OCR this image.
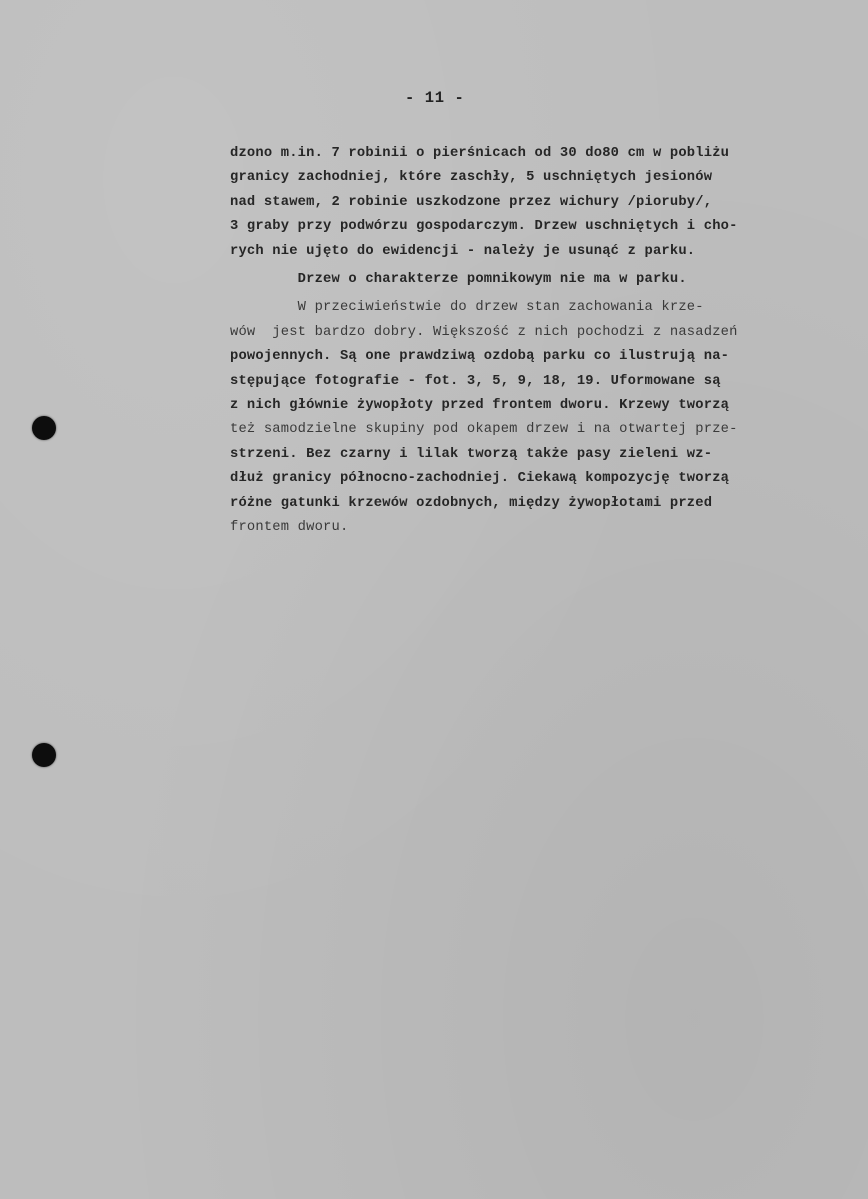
- 11 -
dzono m.in. 7 robinii o pierśnicach od 30 do80 cm w pobliżu
granicy zachodniej, które zaschły, 5 uschniętych jesionów
nad stawem, 2 robinie uszkodzone przez wichury /pioruby/,
3 graby przy podwórzu gospodarczym. Drzew uschniętych i cho-
rych nie ujęto do ewidencji - należy je usunąć z parku.
Drzew o charakterze pomnikowym nie ma w parku.
W przeciwieństwie do drzew stan zachowania krze-
wów  jest bardzo dobry. Większość z nich pochodzi z nasadzeń
powojennych. Są one prawdziwą ozdobą parku co ilustrują na-
stępujące fotografie - fot. 3, 5, 9, 18, 19. Uformowane są
z nich głównie żywopłoty przed frontem dworu. Krzewy tworzą
też samodzielne skupiny pod okapem drzew i na otwartej prze-
strzeni. Bez czarny i lilak tworzą także pasy zieleni wz-
dłuż granicy północno-zachodniej. Ciekawą kompozycję tworzą
różne gatunki krzewów ozdobnych, między żywopłotami przed
frontem dworu.
